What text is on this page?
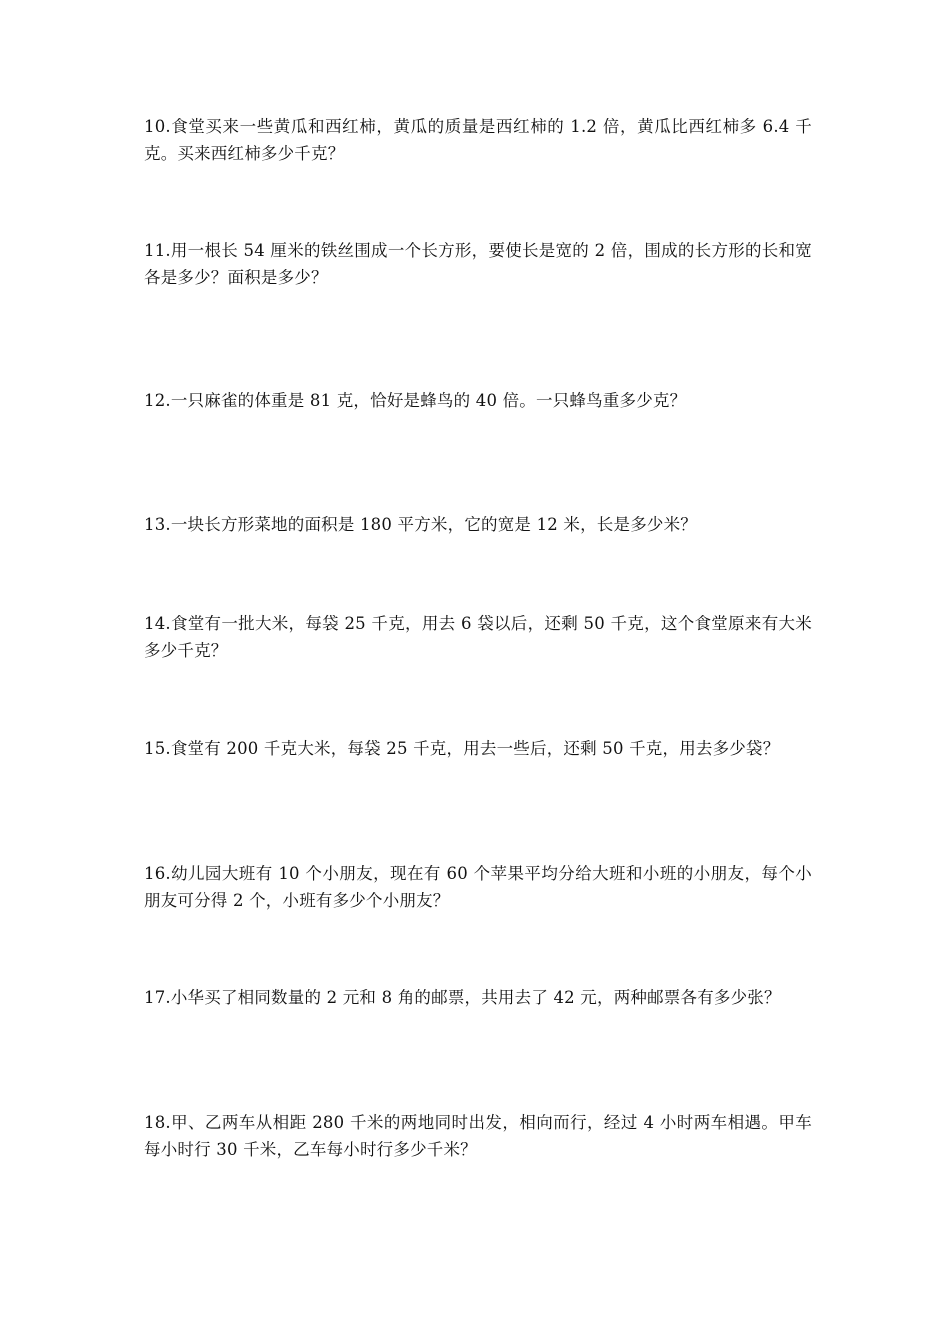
10.食堂买来一些黄瓜和西红柿，黄瓜的质量是西红柿的 1.2 倍，黄瓜比西红柿多 6.4 千克。买来西红柿多少千克？

11.用一根长 54 厘米的铁丝围成一个长方形，要使长是宽的 2 倍，围成的长方形的长和宽各是多少？面积是多少？

12.一只麻雀的体重是 81 克，恰好是蜂鸟的 40 倍。一只蜂鸟重多少克？

13.一块长方形菜地的面积是 180 平方米，它的宽是 12 米，长是多少米？

14.食堂有一批大米，每袋 25 千克，用去 6 袋以后，还剩 50 千克，这个食堂原来有大米多少千克？

15.食堂有 200 千克大米，每袋 25 千克，用去一些后，还剩 50 千克，用去多少袋？

16.幼儿园大班有 10 个小朋友，现在有 60 个苹果平均分给大班和小班的小朋友，每个小朋友可分得 2 个，小班有多少个小朋友？

17.小华买了相同数量的 2 元和 8 角的邮票，共用去了 42 元，两种邮票各有多少张？

18.甲、乙两车从相距 280 千米的两地同时出发，相向而行，经过 4 小时两车相遇。甲车每小时行 30 千米，乙车每小时行多少千米？
